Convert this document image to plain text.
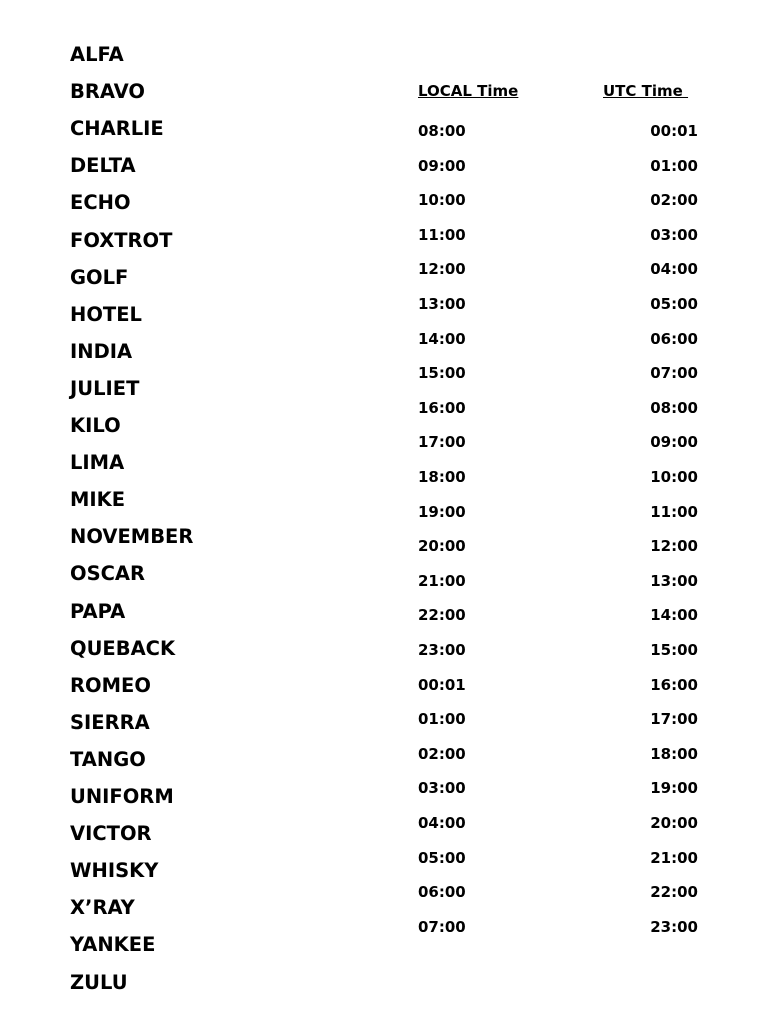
ALFA
BRAVO
CHARLIE
DELTA
ECHO
FOXTROT
GOLF
HOTEL
INDIA
JULIET
KILO
LIMA
MIKE
NOVEMBER
OSCAR
PAPA
QUEBACK
ROMEO
SIERRA
TANGO
UNIFORM
VICTOR
WHISKY
X’RAY
YANKEE
ZULU
LOCAL Time	UTC Time
08:00	00:01
09:00	01:00
10:00	02:00
11:00	03:00
12:00	04:00
13:00	05:00
14:00	06:00
15:00	07:00
16:00	08:00
17:00	09:00
18:00	10:00
19:00	11:00
20:00	12:00
21:00	13:00
22:00	14:00
23:00	15:00
00:01	16:00
01:00	17:00
02:00	18:00
03:00	19:00
04:00	20:00
05:00	21:00
06:00	22:00
07:00	23:00
